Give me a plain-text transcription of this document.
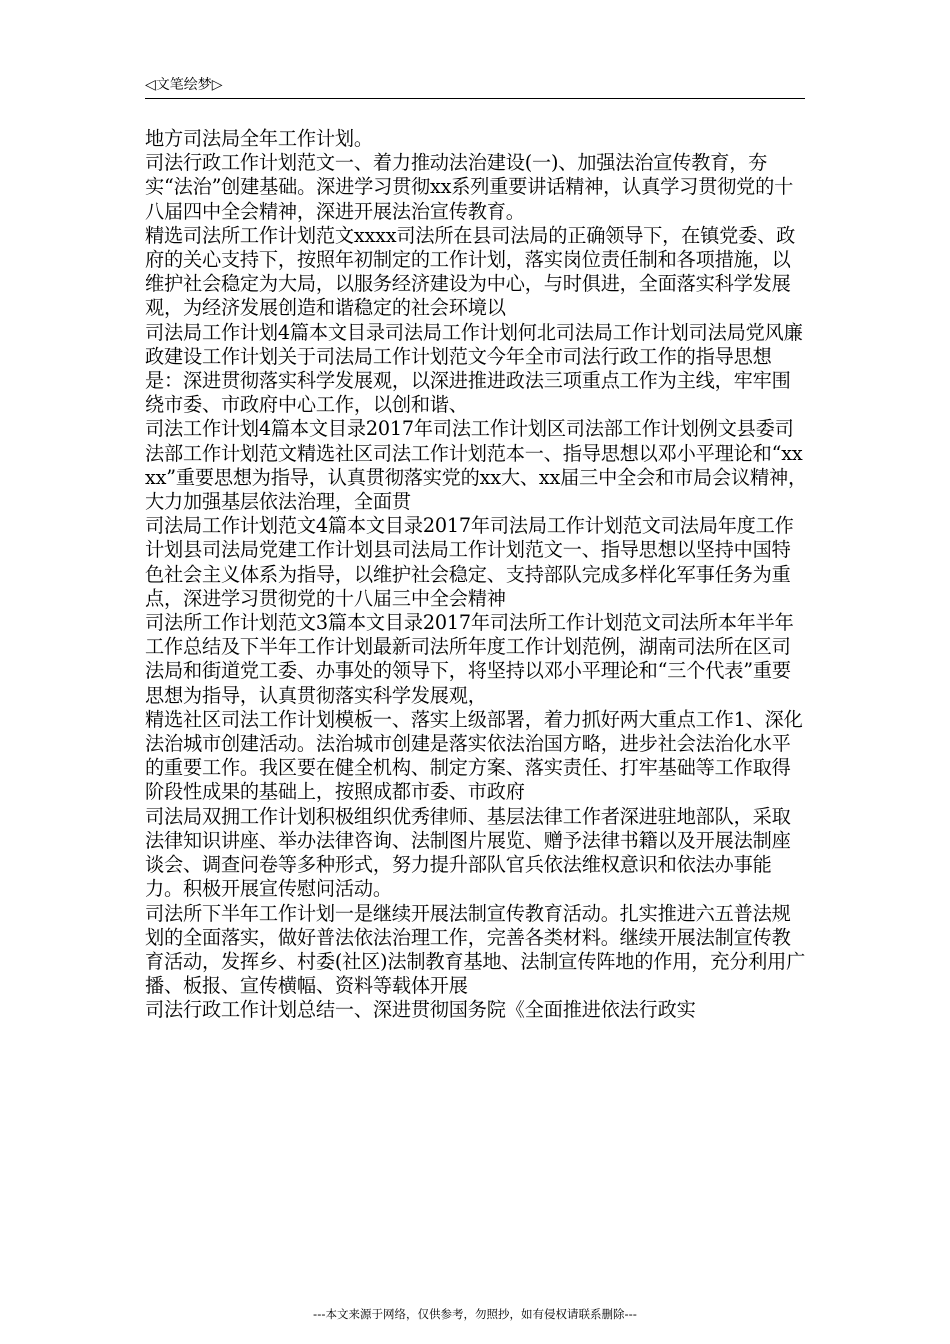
◁文笔绘梦▷

地方司法局全年工作计划。

司法行政工作计划范文一、着力推动法治建设(一)、加强法治宣传教育，夯实“法治”创建基础。深进学习贯彻xx系列重要讲话精神，认真学习贯彻党的十八届四中全会精神，深进开展法治宣传教育。

精选司法所工作计划范文xxxx司法所在县司法局的正确领导下，在镇党委、政府的关心支持下，按照年初制定的工作计划，落实岗位责任制和各项措施，以维护社会稳定为大局，以服务经济建设为中心，与时俱进，全面落实科学发展观，为经济发展创造和谐稳定的社会环境以

司法局工作计划4篇本文目录司法局工作计划何北司法局工作计划司法局党风廉政建设工作计划关于司法局工作计划范文今年全市司法行政工作的指导思想是：深进贯彻落实科学发展观，以深进推进政法三项重点工作为主线，牢牢围绕市委、市政府中心工作，以创和谐、

司法工作计划4篇本文目录2017年司法工作计划区司法部工作计划例文县委司法部工作计划范文精选社区司法工作计划范本一、指导思想以邓小平理论和“xxxx”重要思想为指导，认真贯彻落实党的xx大、xx届三中全会和市局会议精神，大力加强基层依法治理，全面贯

司法局工作计划范文4篇本文目录2017年司法局工作计划范文司法局年度工作计划县司法局党建工作计划县司法局工作计划范文一、指导思想以坚持中国特色社会主义体系为指导，以维护社会稳定、支持部队完成多样化军事任务为重点，深进学习贯彻党的十八届三中全会精神

司法所工作计划范文3篇本文目录2017年司法所工作计划范文司法所本年半年工作总结及下半年工作计划最新司法所年度工作计划范例，湖南司法所在区司法局和街道党工委、办事处的领导下，将坚持以邓小平理论和“三个代表”重要思想为指导，认真贯彻落实科学发展观，

精选社区司法工作计划模板一、落实上级部署，着力抓好两大重点工作1、深化法治城市创建活动。法治城市创建是落实依法治国方略，进步社会法治化水平的重要工作。我区要在健全机构、制定方案、落实责任、打牢基础等工作取得阶段性成果的基础上，按照成都市委、市政府

司法局双拥工作计划积极组织优秀律师、基层法律工作者深进驻地部队，采取法律知识讲座、举办法律咨询、法制图片展览、赠予法律书籍以及开展法制座谈会、调查问卷等多种形式，努力提升部队官兵依法维权意识和依法办事能力。积极开展宣传慰问活动。

司法所下半年工作计划一是继续开展法制宣传教育活动。扎实推进六五普法规划的全面落实，做好普法依法治理工作，完善各类材料。继续开展法制宣传教育活动，发挥乡、村委(社区)法制教育基地、法制宣传阵地的作用，充分利用广播、板报、宣传横幅、资料等载体开展

司法行政工作计划总结一、深进贯彻国务院《全面推进依法行政实

---本文来源于网络，仅供参考，勿照抄，如有侵权请联系删除---
